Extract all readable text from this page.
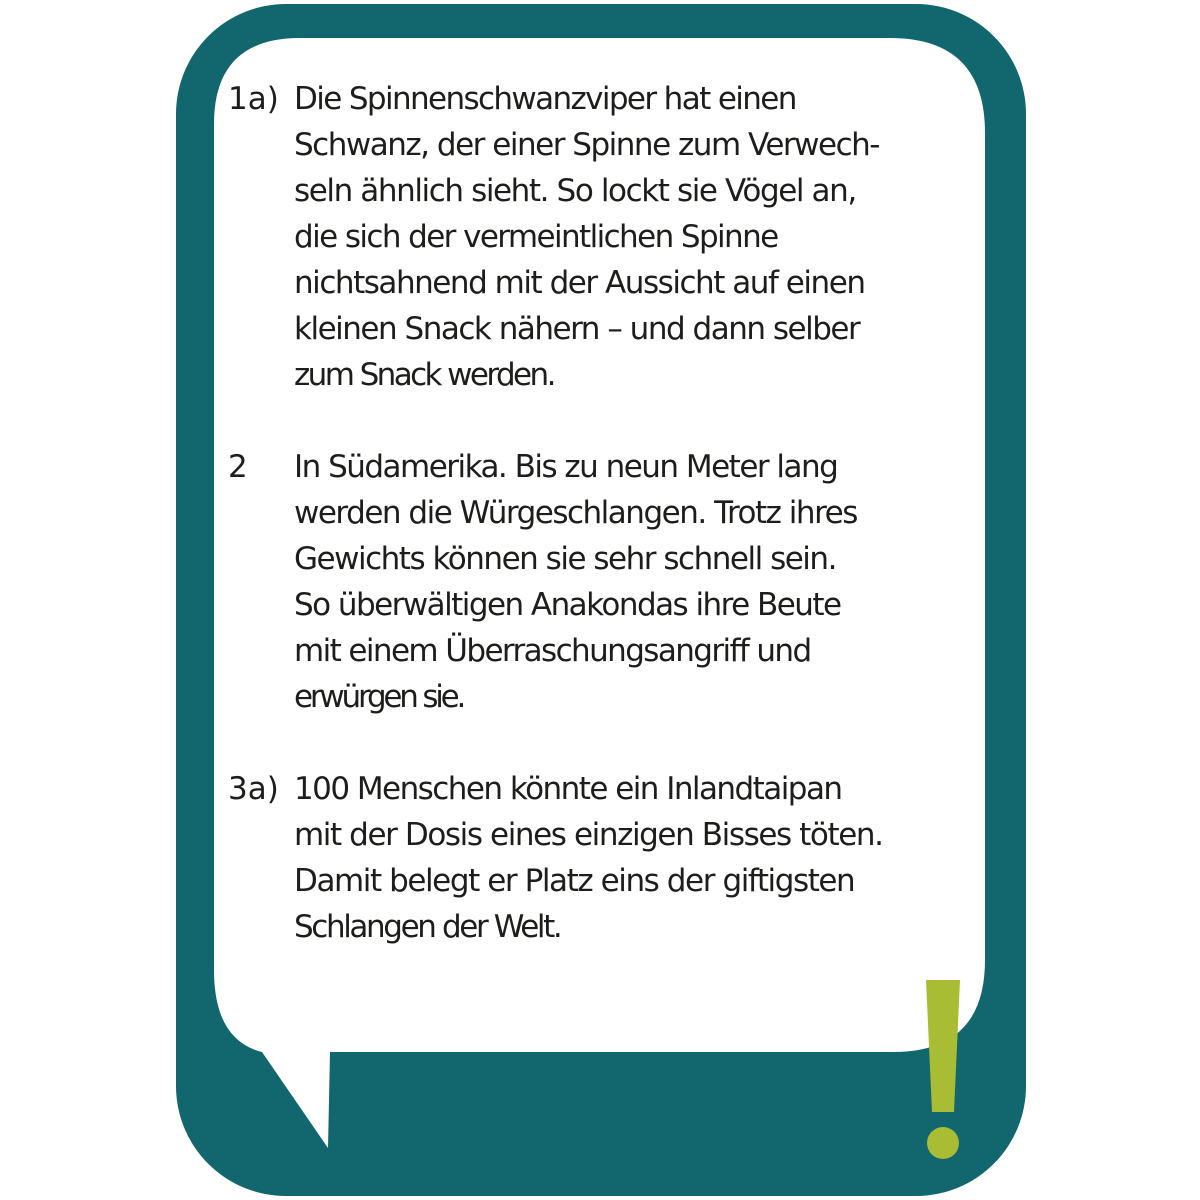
1a) Die Spinnenschwanzviper hat einen
Schwanz, der einer Spinne zum Verwech-
seln ähnlich sieht. So lockt sie Vögel an,
die sich der vermeintlichen Spinne
nichtsahnend mit der Aussicht auf einen
kleinen Snack nähern – und dann selber
zum Snack werden.
2	In Südamerika. Bis zu neun Meter lang
werden die Würgeschlangen. Trotz ihres
Gewichts können sie sehr schnell sein.
So überwältigen Anakondas ihre Beute
mit einem Überraschungsangriff und
erwürgen sie.
3a) 100 Menschen könnte ein Inlandtaipan
mit der Dosis eines einzigen Bisses töten.
Damit belegt er Platz eins der giftigsten
Schlangen der Welt.
